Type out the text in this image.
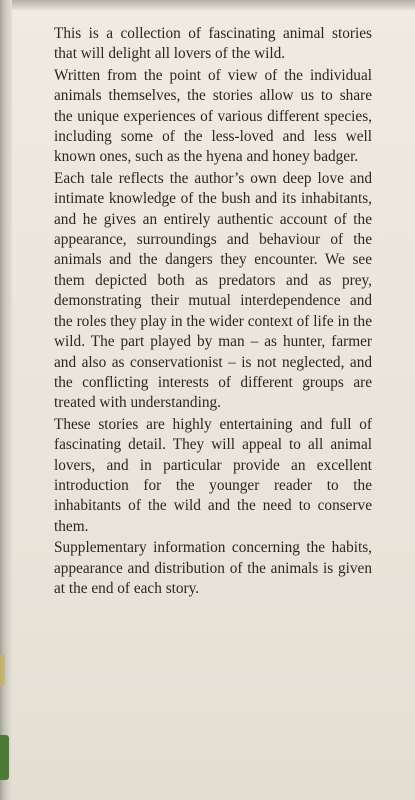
This is a collection of fascinating animal stories that will delight all lovers of the wild.

Written from the point of view of the individual animals themselves, the stories allow us to share the unique experiences of various different species, including some of the less-loved and less well known ones, such as the hyena and honey badger.

Each tale reflects the author’s own deep love and intimate knowledge of the bush and its inhabitants, and he gives an entirely authentic account of the appearance, surroundings and behaviour of the animals and the dangers they encounter. We see them depicted both as predators and as prey, demonstrating their mutual interdependence and the roles they play in the wider context of life in the wild. The part played by man – as hunter, farmer and also as conservationist – is not neglected, and the conflicting interests of different groups are treated with understanding.

These stories are highly entertaining and full of fascinating detail. They will appeal to all animal lovers, and in particular provide an excellent introduction for the younger reader to the inhabitants of the wild and the need to conserve them.

Supplementary information concerning the habits, appearance and distribution of the animals is given at the end of each story.
